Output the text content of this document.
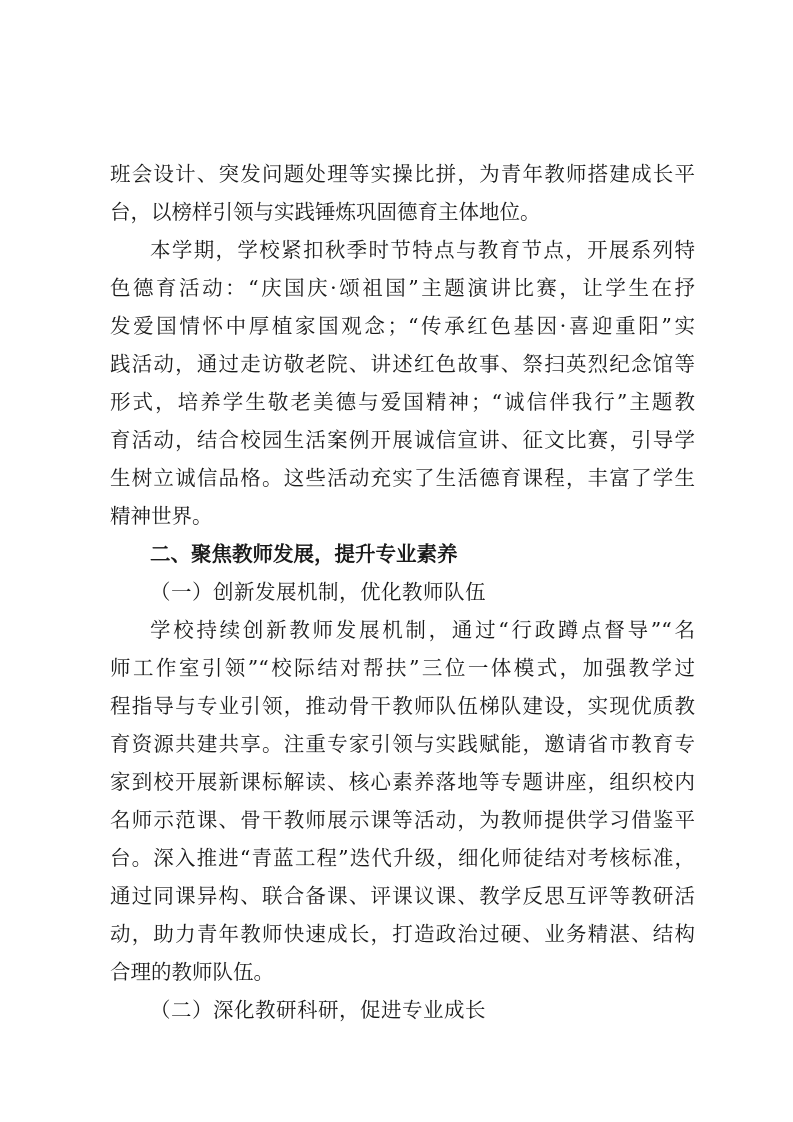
班会设计、突发问题处理等实操比拼，为青年教师搭建成长平
台，以榜样引领与实践锤炼巩固德育主体地位。
本学期，学校紧扣秋季时节特点与教育节点，开展系列特
色德育活动：“庆国庆·颂祖国”主题演讲比赛，让学生在抒
发爱国情怀中厚植家国观念；“传承红色基因·喜迎重阳”实
践活动，通过走访敬老院、讲述红色故事、祭扫英烈纪念馆等
形式，培养学生敬老美德与爱国精神；“诚信伴我行”主题教
育活动，结合校园生活案例开展诚信宣讲、征文比赛，引导学
生树立诚信品格。这些活动充实了生活德育课程，丰富了学生
精神世界。
二、聚焦教师发展，提升专业素养
（一）创新发展机制，优化教师队伍
学校持续创新教师发展机制，通过“行政蹲点督导”“名
师工作室引领”“校际结对帮扶”三位一体模式，加强教学过
程指导与专业引领，推动骨干教师队伍梯队建设，实现优质教
育资源共建共享。注重专家引领与实践赋能，邀请省市教育专
家到校开展新课标解读、核心素养落地等专题讲座，组织校内
名师示范课、骨干教师展示课等活动，为教师提供学习借鉴平
台。深入推进“青蓝工程”迭代升级，细化师徒结对考核标准，
通过同课异构、联合备课、评课议课、教学反思互评等教研活
动，助力青年教师快速成长，打造政治过硬、业务精湛、结构
合理的教师队伍。
（二）深化教研科研，促进专业成长
